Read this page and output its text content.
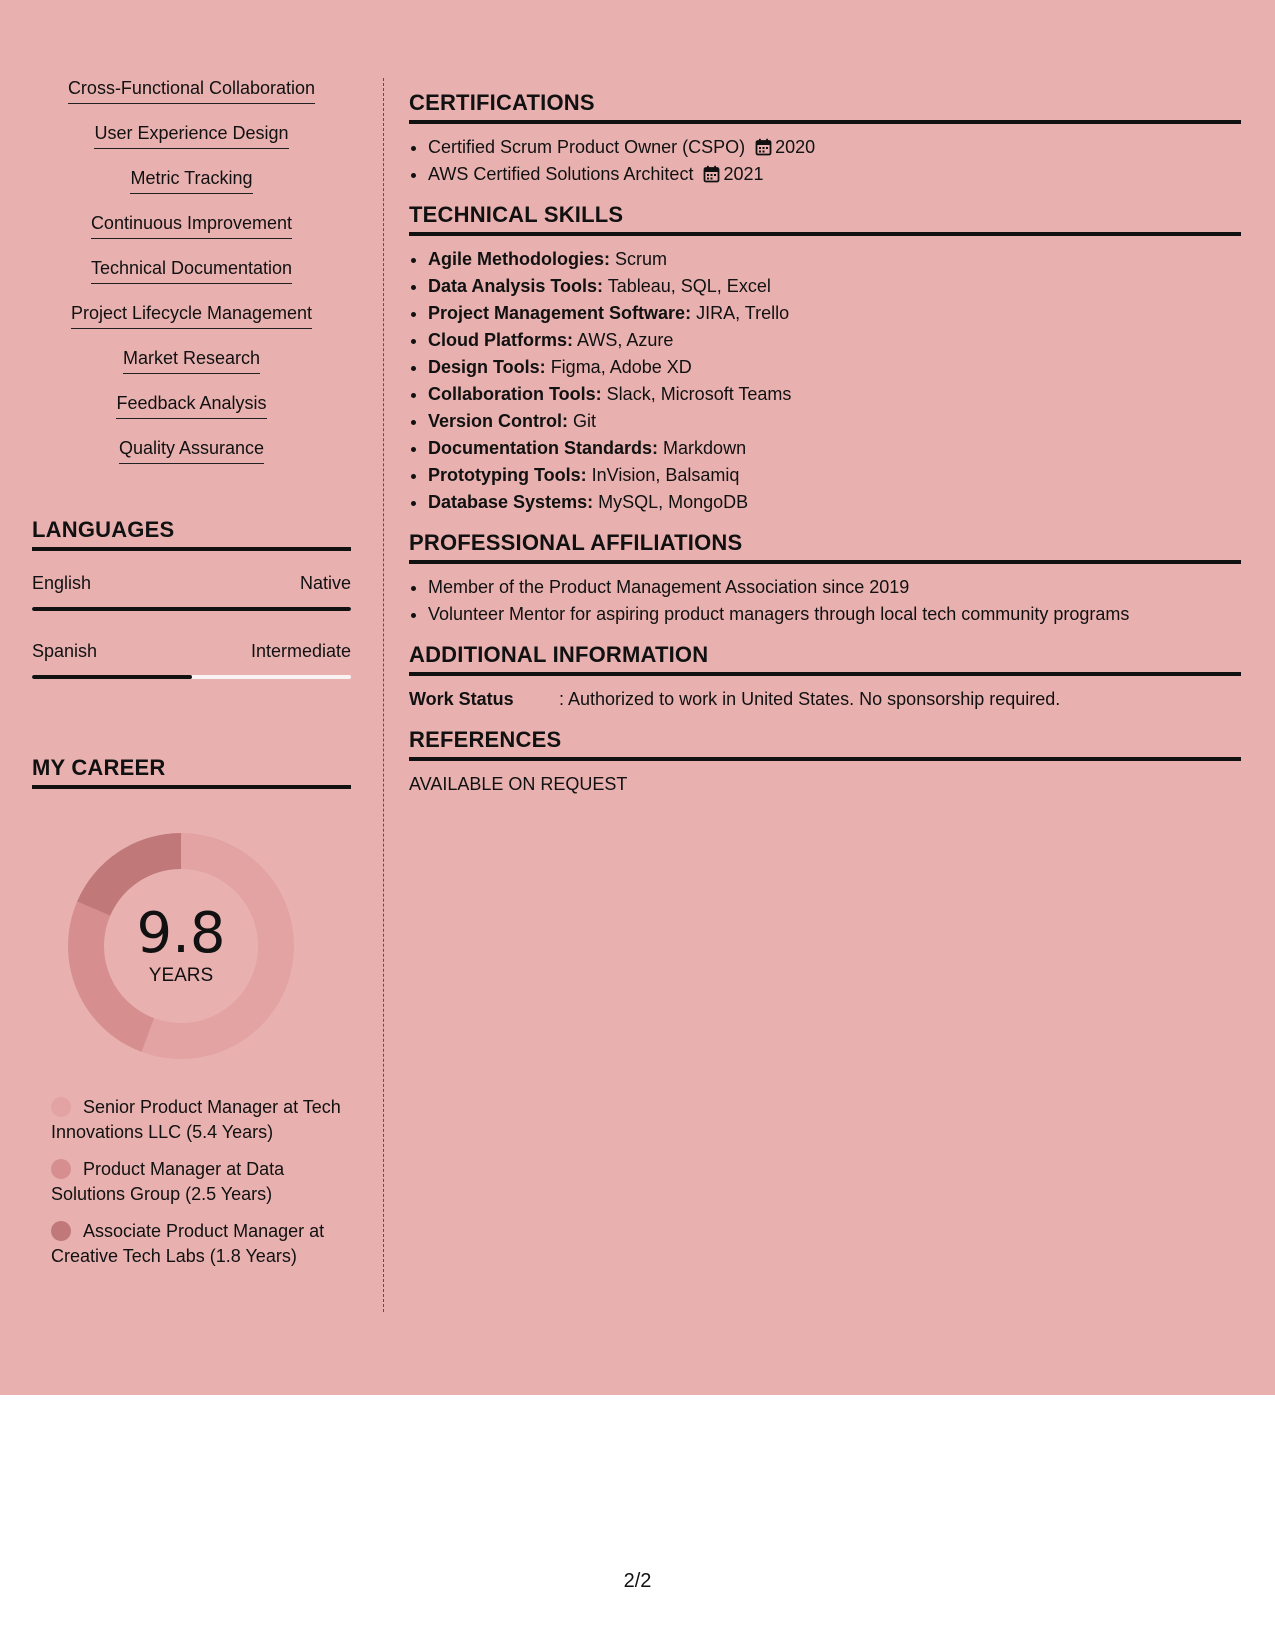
Cross-Functional Collaboration
User Experience Design
Metric Tracking
Continuous Improvement
Technical Documentation
Project Lifecycle Management
Market Research
Feedback Analysis
Quality Assurance
LANGUAGES
English	Native
Spanish	Intermediate
MY CAREER
9.8
YEARS
Senior Product Manager at Tech Innovations LLC (5.4 Years)
Product Manager at Data Solutions Group (2.5 Years)
Associate Product Manager at Creative Tech Labs (1.8 Years)
CERTIFICATIONS
• Certified Scrum Product Owner (CSPO) 2020
• AWS Certified Solutions Architect 2021
TECHNICAL SKILLS
• Agile Methodologies: Scrum
• Data Analysis Tools: Tableau, SQL, Excel
• Project Management Software: JIRA, Trello
• Cloud Platforms: AWS, Azure
• Design Tools: Figma, Adobe XD
• Collaboration Tools: Slack, Microsoft Teams
• Version Control: Git
• Documentation Standards: Markdown
• Prototyping Tools: InVision, Balsamiq
• Database Systems: MySQL, MongoDB
PROFESSIONAL AFFILIATIONS
• Member of the Product Management Association since 2019
• Volunteer Mentor for aspiring product managers through local tech community programs
ADDITIONAL INFORMATION
Work Status	: Authorized to work in United States. No sponsorship required.
REFERENCES
AVAILABLE ON REQUEST
2/2
